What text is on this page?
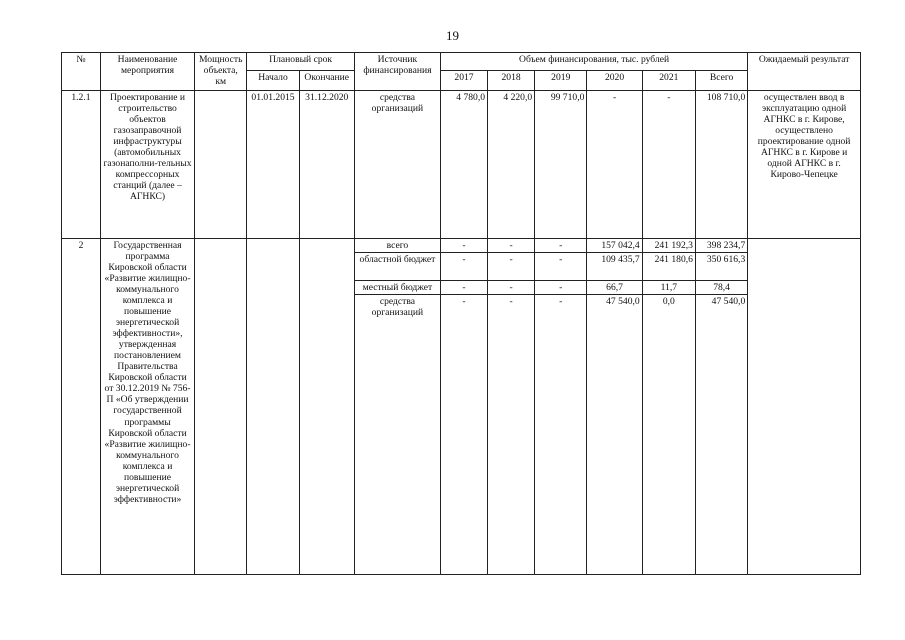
19
№	Наименование мероприятия	Мощность объекта, км	Плановый срок		Источник финансирования	Объем финансирования, тыс. рублей						Ожидаемый результат
			Начало	Окончание		2017	2018	2019	2020	2021	Всего	
1.2.1	Проектирование и строительство объектов газозаправочной инфраструктуры (автомобильных газонаполни-тельных компрессорных станций (далее – АГНКС)		01.01.2015	31.12.2020	средства организаций	4 780,0	4 220,0	99 710,0	-	-	108 710,0	осуществлен ввод в эксплуатацию одной АГНКС в г. Кирове, осуществлено проектирование одной АГНКС в г. Кирове и одной АГНКС в г. Кирово-Чепецке
2	Государственная программа Кировской области «Развитие жилищно-коммунального комплекса и повышение энергетической эффективности», утвержденная постановлением Правительства Кировской области от 30.12.2019 № 756-П «Об утверждении государственной программы Кировской области «Развитие жилищно-коммунального комплекса и повышение энергетической эффективности»				всего	-	-	-	157 042,4	241 192,3	398 234,7	
					областной бюджет	-	-	-	109 435,7	241 180,6	350 616,3	
					местный бюджет	-	-	-	66,7	11,7	78,4	
					средства организаций	-	-	-	47 540,0	0,0	47 540,0	
